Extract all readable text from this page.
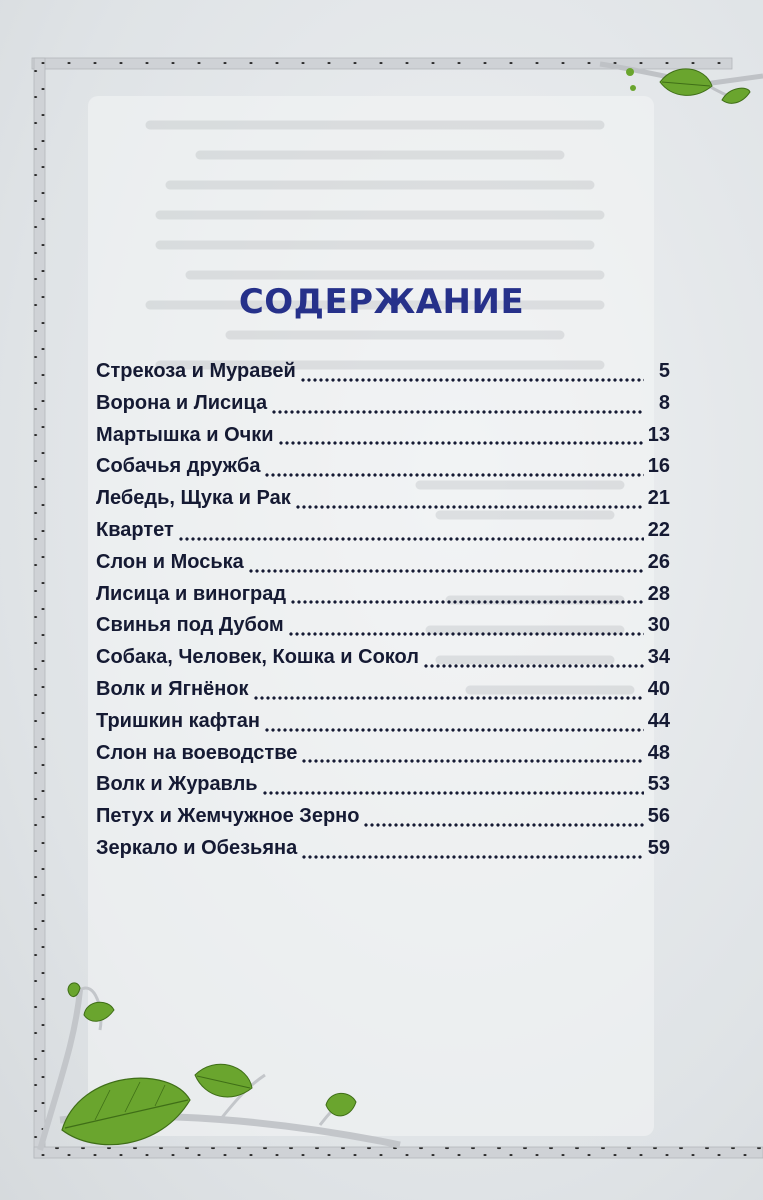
СОДЕРЖАНИЕ
Стрекоза и Муравей	5
Ворона и Лисица	8
Мартышка и Очки	13
Собачья дружба	16
Лебедь, Щука и Рак	21
Квартет	22
Слон и Моська	26
Лисица и виноград	28
Свинья под Дубом	30
Собака, Человек, Кошка и Сокол	34
Волк и Ягнёнок	40
Тришкин кафтан	44
Слон на воеводстве	48
Волк и Журавль	53
Петух и Жемчужное Зерно	56
Зеркало и Обезьяна	59
